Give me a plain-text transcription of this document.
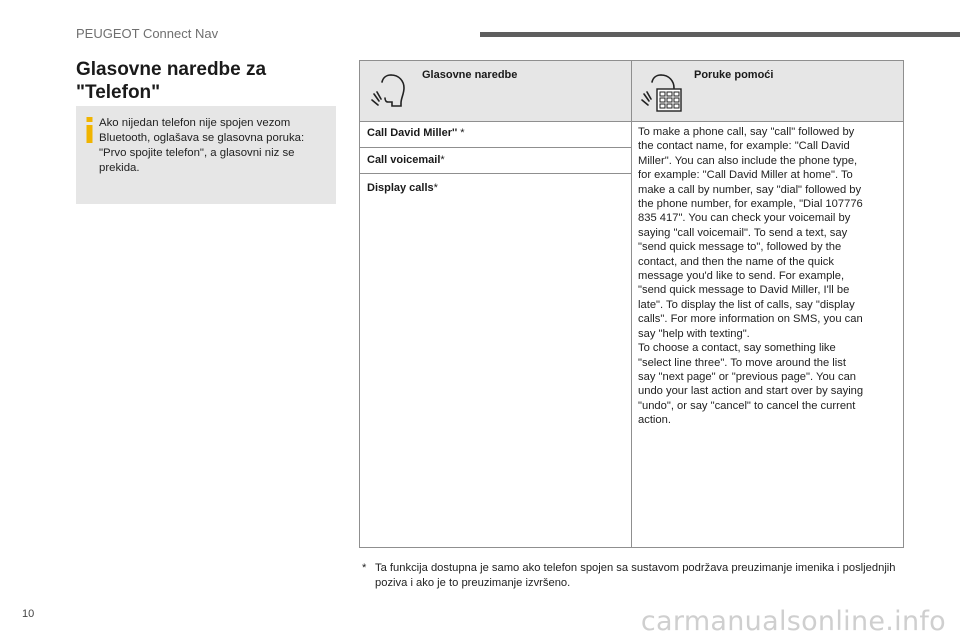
PEUGEOT Connect Nav
Glasovne naredbe za "Telefon"
Ako nijedan telefon nije spojen vezom Bluetooth, oglašava se glasovna poruka: "Prvo spojite telefon", a glasovni niz se prekida.
Glasovne naredbe	Poruke pomoći
Call David Miller'' *
Call voicemail*
Display calls*
To make a phone call, say "call" followed by
the contact name, for example: "Call David
Miller". You can also include the phone type,
for example: "Call David Miller at home". To
make a call by number, say "dial" followed by
the phone number, for example, "Dial 107776
835 417". You can check your voicemail by
saying "call voicemail". To send a text, say
"send quick message to", followed by the
contact, and then the name of the quick
message you'd like to send. For example,
"send quick message to David Miller, I'll be
late". To display the list of calls, say "display
calls". For more information on SMS, you can
say "help with texting".
To choose a contact, say something like
"select line three". To move around the list
say "next page" or "previous page". You can
undo your last action and start over by saying
"undo", or say "cancel" to cancel the current
action.
* Ta funkcija dostupna je samo ako telefon spojen sa sustavom podržava preuzimanje imenika i posljednjih poziva i ako je to preuzimanje izvršeno.
10	carmanualsonline.info
